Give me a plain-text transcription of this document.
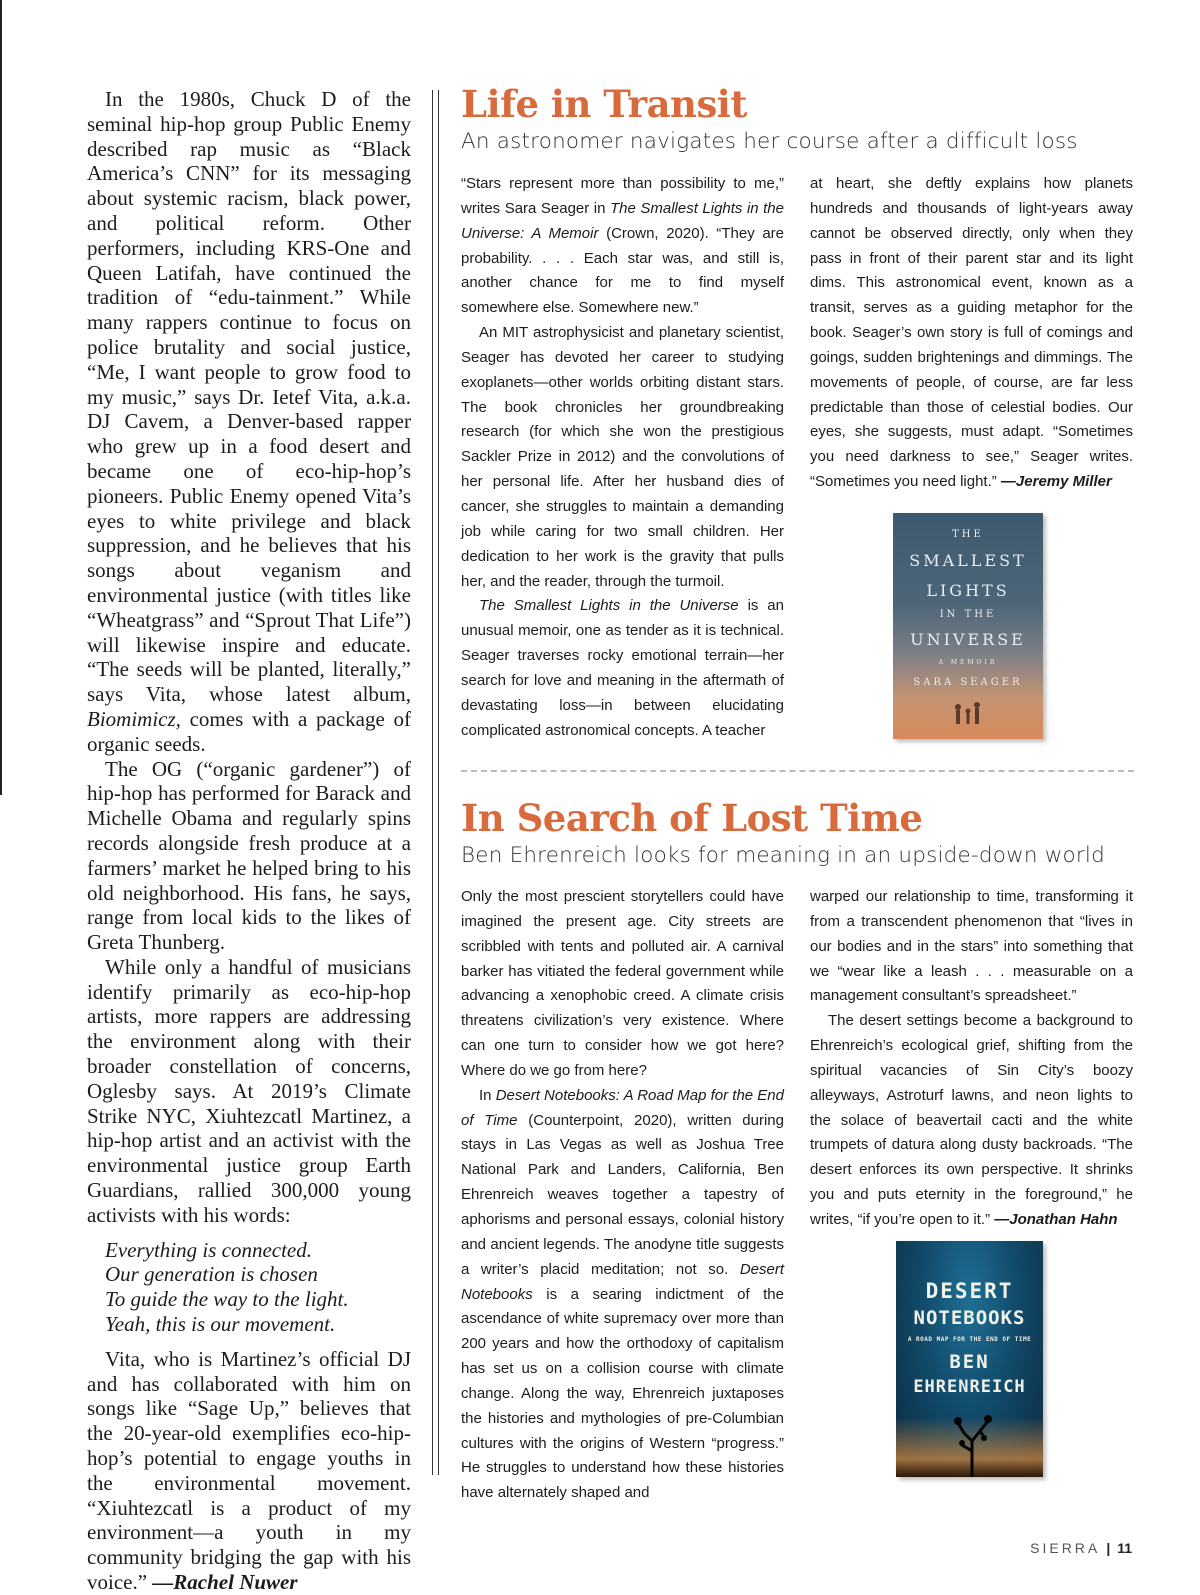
In the 1980s, Chuck D of the seminal hip-hop group Public Enemy described rap music as “Black America’s CNN” for its messaging about systemic racism, black power, and political reform. Other performers, including KRS-One and Queen Latifah, have continued the tradition of “edu-tainment.” While many rappers continue to focus on police brutality and social justice, “Me, I want people to grow food to my music,” says Dr. Ietef Vita, a.k.a. DJ Cavem, a Denver-based rapper who grew up in a food desert and became one of eco-hip-hop’s pioneers. Public Enemy opened Vita’s eyes to white privilege and black suppression, and he believes that his songs about veganism and environmental justice (with titles like “Wheatgrass” and “Sprout That Life”) will likewise inspire and educate. “The seeds will be planted, literally,” says Vita, whose latest album, Biomimicz, comes with a package of organic seeds.

The OG (“organic gardener”) of hip-hop has performed for Barack and Michelle Obama and regularly spins records alongside fresh produce at a farmers’ market he helped bring to his old neighborhood. His fans, he says, range from local kids to the likes of Greta Thunberg.

While only a handful of musicians identify primarily as eco-hip-hop artists, more rappers are addressing the environment along with their broader constellation of concerns, Oglesby says. At 2019’s Climate Strike NYC, Xiuhtezcatl Martinez, a hip-hop artist and an activist with the environmental justice group Earth Guardians, rallied 300,000 young activists with his words:

Everything is connected.
Our generation is chosen
To guide the way to the light.
Yeah, this is our movement.

Vita, who is Martinez’s official DJ and has collaborated with him on songs like “Sage Up,” believes that the 20-year-old exemplifies eco-hip-hop’s potential to engage youths in the environmental movement. “Xiuhtezcatl is a product of my environment—a youth in my community bridging the gap with his voice.” —Rachel Nuwer

Life in Transit
An astronomer navigates her course after a difficult loss

“Stars represent more than possibility to me,” writes Sara Seager in The Smallest Lights in the Universe: A Memoir (Crown, 2020). “They are probability. . . . Each star was, and still is, another chance for me to find myself somewhere else. Somewhere new.”

An MIT astrophysicist and planetary scientist, Seager has devoted her career to studying exoplanets—other worlds orbiting distant stars. The book chronicles her groundbreaking research (for which she won the prestigious Sackler Prize in 2012) and the convolutions of her personal life. After her husband dies of cancer, she struggles to maintain a demanding job while caring for two small children. Her dedication to her work is the gravity that pulls her, and the reader, through the turmoil.

The Smallest Lights in the Universe is an unusual memoir, one as tender as it is technical. Seager traverses rocky emotional terrain—her search for love and meaning in the aftermath of devastating loss—in between elucidating complicated astronomical concepts. A teacher

at heart, she deftly explains how planets hundreds and thousands of light-years away cannot be observed directly, only when they pass in front of their parent star and its light dims. This astronomical event, known as a transit, serves as a guiding metaphor for the book. Seager’s own story is full of comings and goings, sudden brightenings and dimmings. The movements of people, of course, are far less predictable than those of celestial bodies. Our eyes, she suggests, must adapt. “Sometimes you need darkness to see,” Seager writes. “Sometimes you need light.” —Jeremy Miller

THE
SMALLEST
LIGHTS
IN THE
UNIVERSE
A MEMOIR
SARA SEAGER
In Search of Lost Time
Ben Ehrenreich looks for meaning in an upside-down world

Only the most prescient storytellers could have imagined the present age. City streets are scribbled with tents and polluted air. A carnival barker has vitiated the federal government while advancing a xenophobic creed. A climate crisis threatens civilization’s very existence. Where can one turn to consider how we got here? Where do we go from here?

In Desert Notebooks: A Road Map for the End of Time (Counterpoint, 2020), written during stays in Las Vegas as well as Joshua Tree National Park and Landers, California, Ben Ehrenreich weaves together a tapestry of aphorisms and personal essays, colonial history and ancient legends. The anodyne title suggests a writer’s placid meditation; not so. Desert Notebooks is a searing indictment of the ascendance of white supremacy over more than 200 years and how the orthodoxy of capitalism has set us on a collision course with climate change. Along the way, Ehrenreich juxtaposes the histories and mythologies of pre-Columbian cultures with the origins of Western “progress.” He struggles to understand how these histories have alternately shaped and

warped our relationship to time, transforming it from a transcendent phenomenon that “lives in our bodies and in the stars” into something that we “wear like a leash . . . measurable on a management consultant’s spreadsheet.”

The desert settings become a background to Ehrenreich’s ecological grief, shifting from the spiritual vacancies of Sin City’s boozy alleyways, Astroturf lawns, and neon lights to the solace of beavertail cacti and the white trumpets of datura along dusty backroads. “The desert enforces its own perspective. It shrinks you and puts eternity in the foreground,” he writes, “if you’re open to it.” —Jonathan Hahn

DESERT
NOTEBOOKS
A ROAD MAP FOR THE END OF TIME
BEN
EHRENREICH
SIERRA | 11
